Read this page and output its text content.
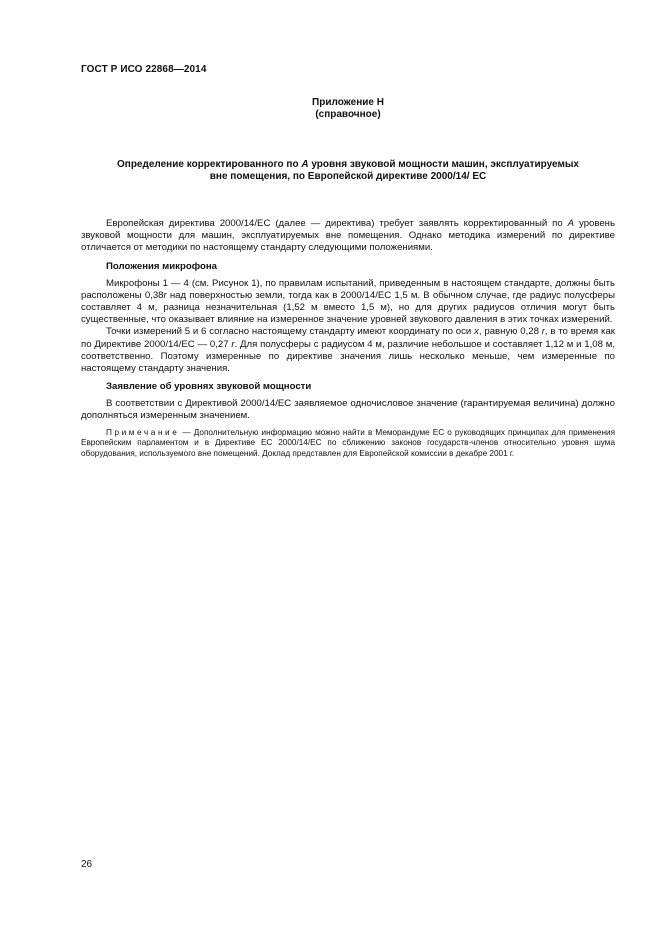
ГОСТ Р ИСО 22868—2014
Приложение Н
(справочное)
Определение корректированного по А уровня звуковой мощности машин, эксплуатируемых
вне помещения, по Европейской директиве 2000/14/ ЕС

Европейская директива 2000/14/ЕС (далее — директива) требует заявлять корректированный по А уровень звуковой мощности для машин, эксплуатируемых вне помещения. Однако методика измерений по директиве отличается от методики по настоящему стандарту следующими положениями.

Положения микрофона

Микрофоны 1 — 4 (см. Рисунок 1), по правилам испытаний, приведенным в настоящем стандарте, должны быть расположены 0,38r над поверхностью земли, тогда как в 2000/14/ЕС 1,5 м. В обычном случае, где радиус полусферы составляет 4 м, разница незначительная (1,52 м вместо 1,5 м), но для других радиусов отличия могут быть существенные, что оказывает влияние на измеренное значение уровней звукового давления в этих точках измерений.

Точки измерений 5 и 6 согласно настоящему стандарту имеют координату по оси x, равную 0,28 r, в то время как по Директиве 2000/14/ЕС — 0,27 r. Для полусферы с радиусом 4 м, различие небольшое и составляет 1,12 м и 1,08 м, соответственно. Поэтому измеренные по директиве значения лишь несколько меньше, чем измеренные по настоящему стандарту значения.

Заявление об уровнях звуковой мощности

В соответствии с Директивой 2000/14/ЕС заявляемое одночисловое значение (гарантируемая величина) должно дополняться измеренным значением.

Примечание — Дополнительную информацию можно найти в Меморандуме ЕС о руководящих принципах для применения Европейским парламентом и в Директиве ЕС 2000/14/ЕС по сближению законов государств-членов относительно уровня шума оборудования, используемого вне помещений. Доклад представлен для Европейской комиссии в декабре 2001 г.
26
